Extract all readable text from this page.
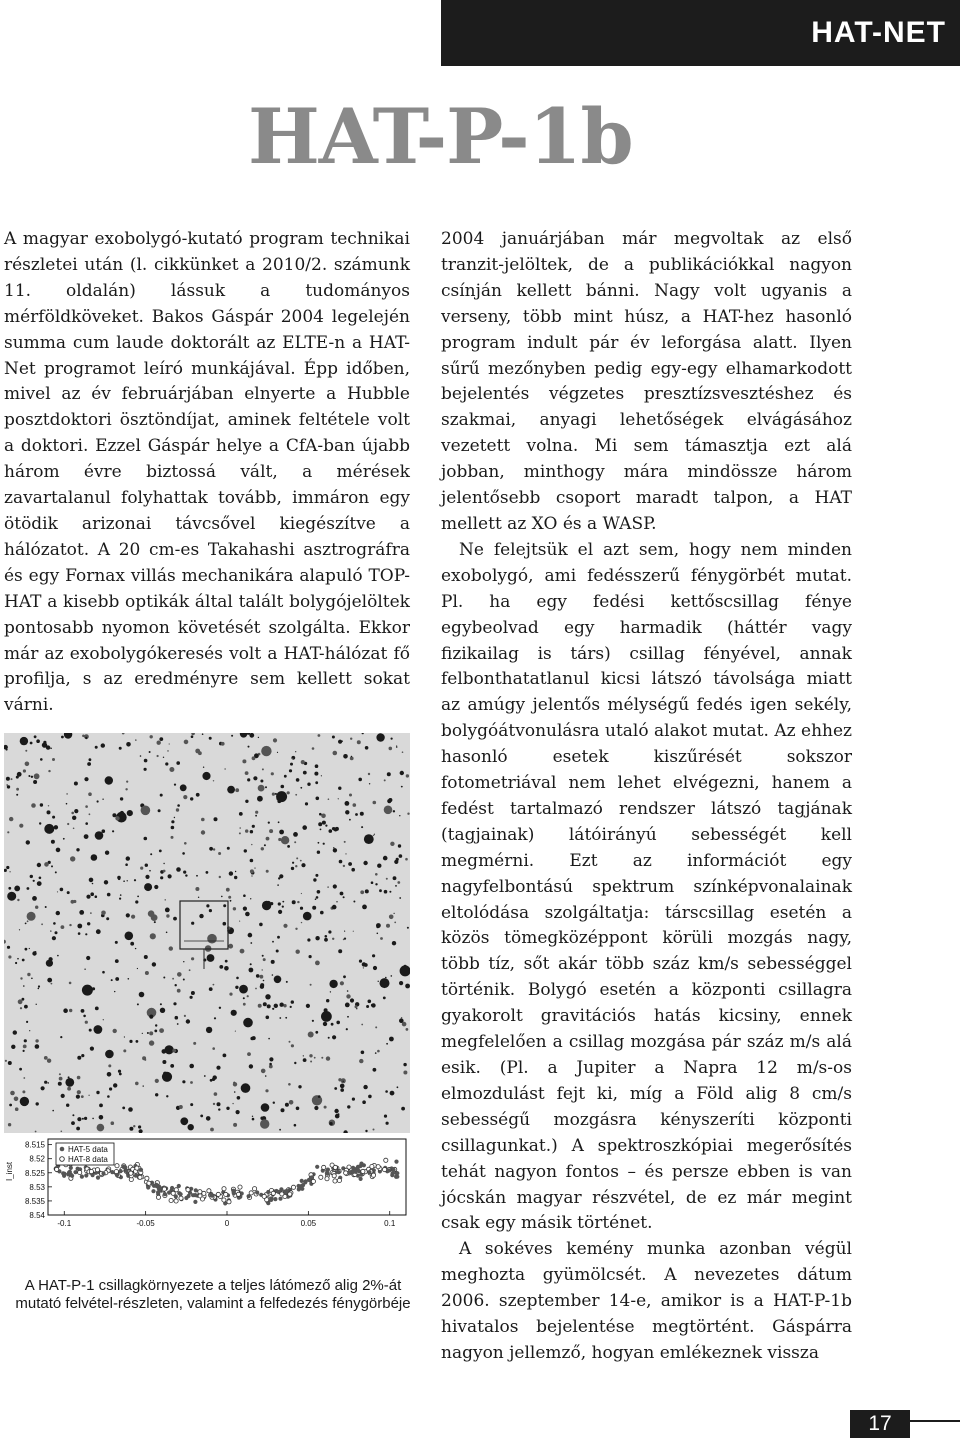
HAT-NET
HAT-P-1b

A magyar exobolygó-kutató program technikai részletei után (l. cikkünket a 2010/2. számunk 11. oldalán) lássuk a tudományos mérföldköveket. Bakos Gáspár 2004 legelején summa cum laude doktorált az ELTE-n a HAT-Net programot leíró munkájával. Épp időben, mivel az év februárjában elnyerte a Hubble posztdoktori ösztöndíjat, aminek feltétele volt a doktori. Ezzel Gáspár helye a CfA-ban újabb három évre biztossá vált, a mérések zavartalanul folyhattak tovább, immáron egy ötödik arizonai távcsővel kiegészítve a hálózatot. A 20 cm-es Takahashi asztrográfra és egy Fornax villás mechanikára alapuló TOP-HAT a kisebb optikák által talált bolygójelöltek pontosabb nyomon követését szolgálta. Ekkor már az exobolygókeresés volt a HAT-hálózat fő profilja, s az eredményre sem kellett sokat várni.

8.515
8.52
8.525
8.53
8.535
8.54
-0.1	-0.05	0	0.05	0.1
I_inst
HAT-5 data
HAT-8 data
A HAT-P-1 csillagkörnyezete a teljes látómező alig 2%-át mutató felvétel-részleten, valamint a felfedezés fénygörbéje

2004 januárjában már megvoltak az első tranzit-jelöltek, de a publikációkkal nagyon csínján kellett bánni. Nagy volt ugyanis a verseny, több mint húsz, a HAT-hez hasonló program indult pár év leforgása alatt. Ilyen sűrű mezőnyben pedig egy-egy elhamarkodott bejelentés végzetes presztízsvesztéshez és szakmai, anyagi lehetőségek elvágásához vezetett volna. Mi sem támasztja ezt alá jobban, minthogy mára mindössze három jelentősebb csoport maradt talpon, a HAT mellett az XO és a WASP.

Ne felejtsük el azt sem, hogy nem minden exobolygó, ami fedésszerű fénygörbét mutat. Pl. ha egy fedési kettőscsillag fénye egybeolvad egy harmadik (háttér vagy fizikailag is társ) csillag fényével, annak felbonthatatlanul kicsi látszó távolsága miatt az amúgy jelentős mélységű fedés igen sekély, bolygóátvonulásra utaló alakot mutat. Az ehhez hasonló esetek kiszűrését sokszor fotometriával nem lehet elvégezni, hanem a fedést tartalmazó rendszer látszó tagjának (tagjainak) látóirányú sebességét kell megmérni. Ezt az információt egy nagyfelbontású spektrum színképvonalainak eltolódása szolgáltatja: társcsillag esetén a közös tömegközéppont körüli mozgás nagy, több tíz, sőt akár több száz km/s sebességgel történik. Bolygó esetén a központi csillagra gyakorolt gravitációs hatás kicsiny, ennek megfelelően a csillag mozgása pár száz m/s alá esik. (Pl. a Jupiter a Napra 12 m/s-os elmozdulást fejt ki, míg a Föld alig 8 cm/s sebességű mozgásra kényszeríti központi csillagunkat.) A spektroszkópiai megerősítés tehát nagyon fontos – és persze ebben is van jócskán magyar részvétel, de ez már megint csak egy másik történet.

A sokéves kemény munka azonban végül meghozta gyümölcsét. A nevezetes dátum 2006. szeptember 14-e, amikor is a HAT-P-1b hivatalos bejelentése megtörtént. Gáspárra nagyon jellemző, hogyan emlékeznek vissza

17
